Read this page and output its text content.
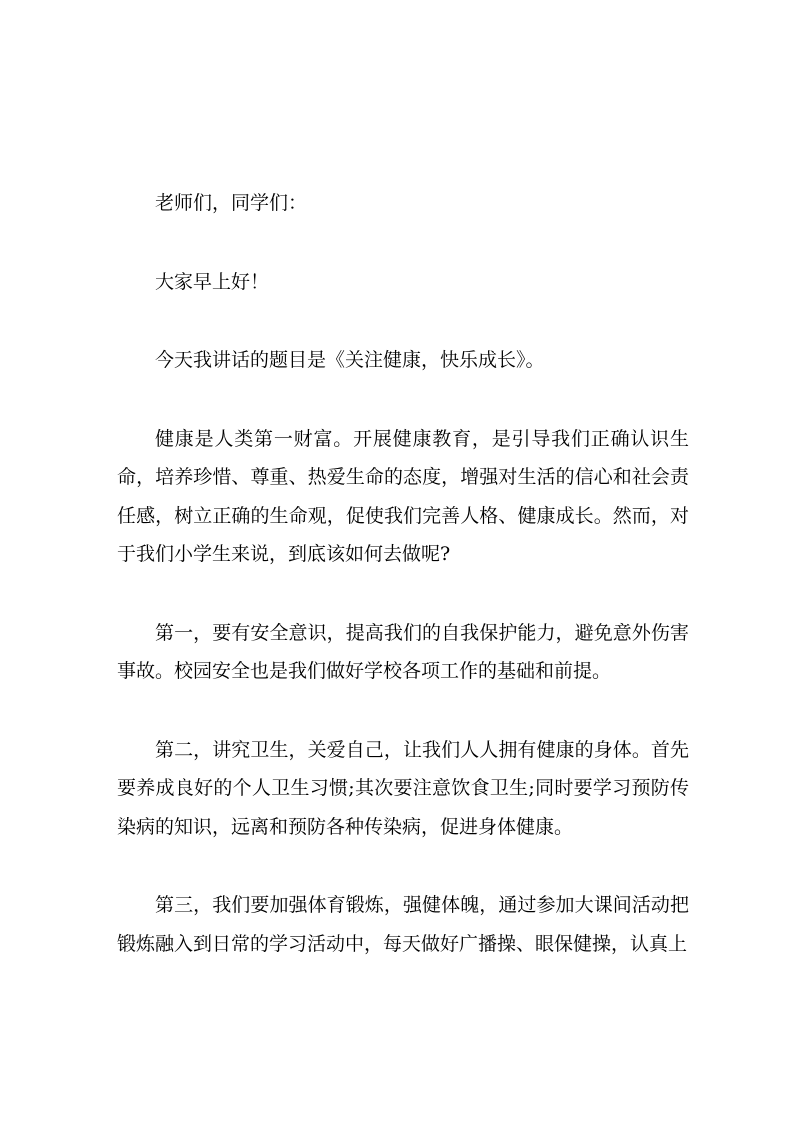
老师们，同学们：

大家早上好！

今天我讲话的题目是《关注健康，快乐成长》。

健康是人类第一财富。开展健康教育，是引导我们正确认识生命，培养珍惜、尊重、热爱生命的态度，增强对生活的信心和社会责任感，树立正确的生命观，促使我们完善人格、健康成长。然而，对于我们小学生来说，到底该如何去做呢?

第一，要有安全意识，提高我们的自我保护能力，避免意外伤害事故。校园安全也是我们做好学校各项工作的基础和前提。

第二，讲究卫生，关爱自己，让我们人人拥有健康的身体。首先要养成良好的个人卫生习惯;其次要注意饮食卫生;同时要学习预防传染病的知识，远离和预防各种传染病，促进身体健康。

第三，我们要加强体育锻炼，强健体魄，通过参加大课间活动把锻炼融入到日常的学习活动中，每天做好广播操、眼保健操，认真上
